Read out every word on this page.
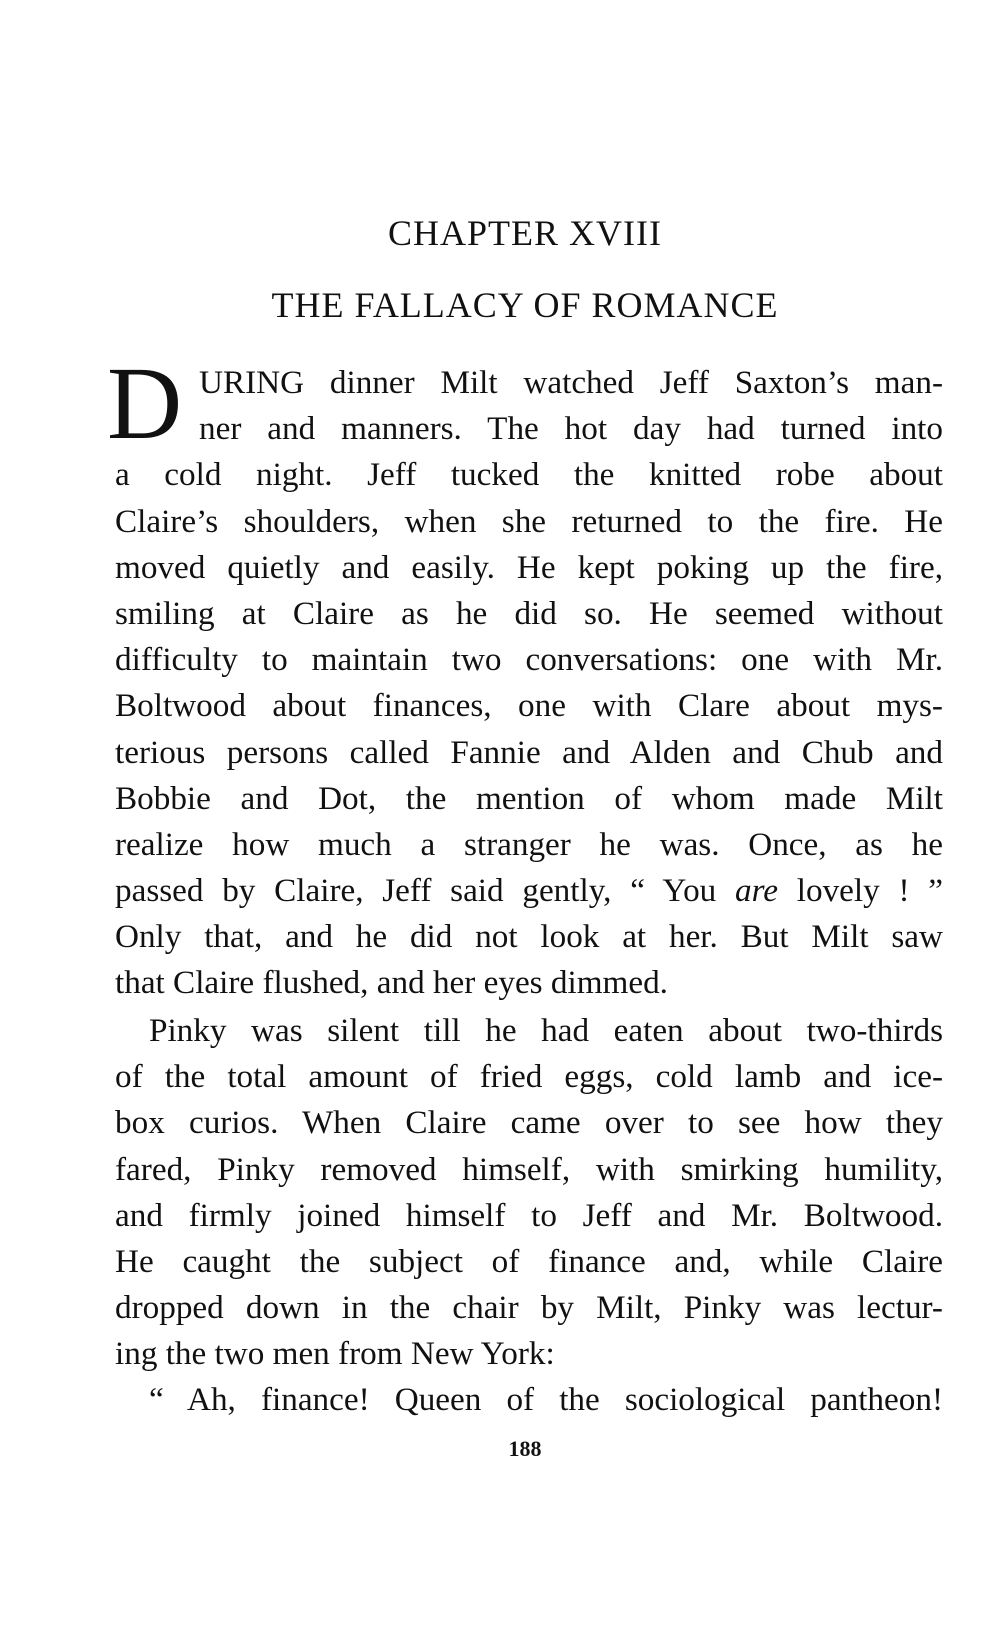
CHAPTER XVIII
THE FALLACY OF ROMANCE
D URING dinner Milt watched Jeff Saxton’s man-
ner and manners. The hot day had turned into
a cold night. Jeff tucked the knitted robe about
Claire’s shoulders, when she returned to the fire. He
moved quietly and easily. He kept poking up the fire,
smiling at Claire as he did so. He seemed without
difficulty to maintain two conversations: one with Mr.
Boltwood about finances, one with Clare about mys-
terious persons called Fannie and Alden and Chub and
Bobbie and Dot, the mention of whom made Milt
realize how much a stranger he was. Once, as he
passed by Claire, Jeff said gently, “ You are lovely ! ”
Only that, and he did not look at her. But Milt saw
that Claire flushed, and her eyes dimmed.
Pinky was silent till he had eaten about two-thirds
of the total amount of fried eggs, cold lamb and ice-
box curios. When Claire came over to see how they
fared, Pinky removed himself, with smirking humility,
and firmly joined himself to Jeff and Mr. Boltwood.
He caught the subject of finance and, while Claire
dropped down in the chair by Milt, Pinky was lectur-
ing the two men from New York:
“ Ah, finance! Queen of the sociological pantheon!
188
